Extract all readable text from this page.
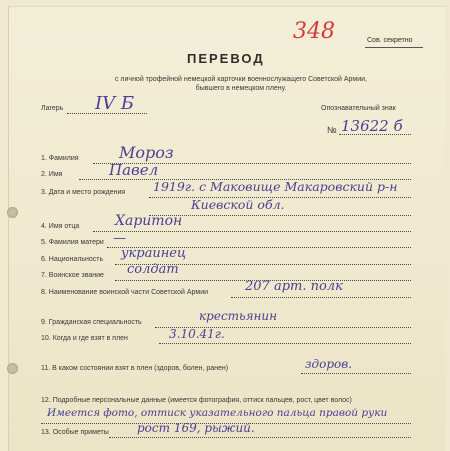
348	Сов. секретно
ПЕРЕВОД
с личной трофейной немецкой карточки военнослужащего Советской Армии,
бывшего в немецком плену.
Лагерь IV Б	Опознавательный знак
№ 13622 б
1. Фамилия	Мороз
2. Имя	Павел
3. Дата и место рождения 1919г. с Маковище Макаровский р-н
Киевской обл.
4. Имя отца	Харитон
5. Фамилия матери —
6. Национальность украинец
7. Воинское звание солдат
8. Наименование воинской части Советской Армии	207 арт. полк
9. Гражданская специальность	крестьянин
10. Когда и где взят в плен	3.10.41г.
11. В каком состоянии взят в плен (здоров, болен, ранен)	здоров.
12. Подробные персональные данные (имеется фотография, оттиск пальцев, рост, цвет волос)
Имеется фото, оттиск указательного пальца правой руки
13. Особые приметы рост 169, рыжий.
